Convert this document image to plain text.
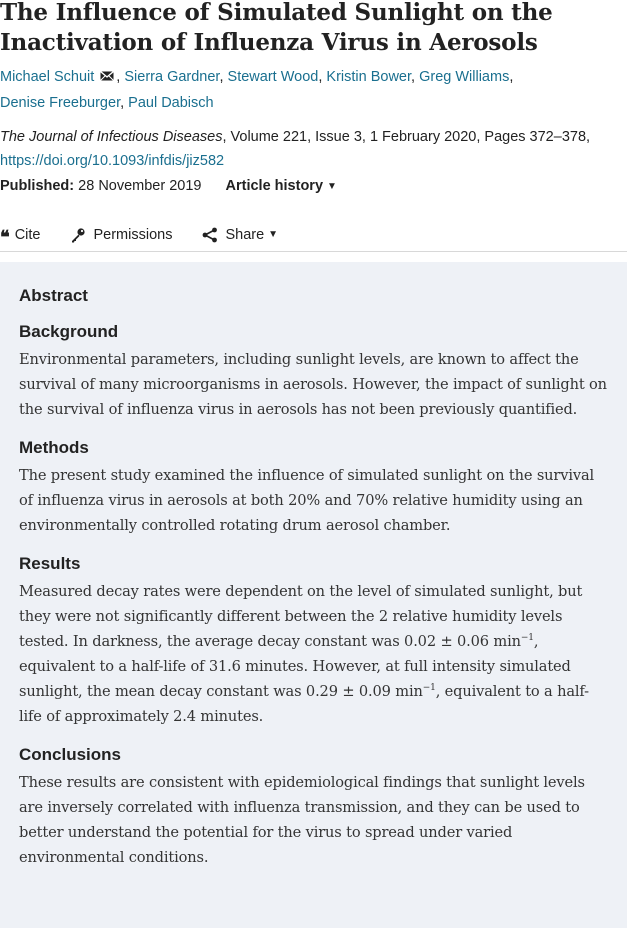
The Influence of Simulated Sunlight on the
Inactivation of Influenza Virus in Aerosols
Michael Schuit , Sierra Gardner, Stewart Wood, Kristin Bower, Greg Williams,
Denise Freeburger, Paul Dabisch
The Journal of Infectious Diseases, Volume 221, Issue 3, 1 February 2020, Pages 372–378,
https://doi.org/10.1093/infdis/jiz582
Published: 28 November 2019 Article history ▼
❝ Cite	Permissions	Share ▼
Abstract
Background

Environmental parameters, including sunlight levels, are known to affect the survival of many microorganisms in aerosols. However, the impact of sunlight on the survival of influenza virus in aerosols has not been previously quantified.

Methods

The present study examined the influence of simulated sunlight on the survival of influenza virus in aerosols at both 20% and 70% relative humidity using an environmentally controlled rotating drum aerosol chamber.

Results

Measured decay rates were dependent on the level of simulated sunlight, but they were not significantly different between the 2 relative humidity levels tested. In darkness, the average decay constant was 0.02 ± 0.06 $\min^{-1}$, equivalent to a half-life of 31.6 minutes. However, at full intensity simulated sunlight, the mean decay constant was 0.29 ± 0.09 $\min^{-1}$, equivalent to a half-life of approximately 2.4 minutes.

Conclusions

These results are consistent with epidemiological findings that sunlight levels are inversely correlated with influenza transmission, and they can be used to better understand the potential for the virus to spread under varied environmental conditions.
